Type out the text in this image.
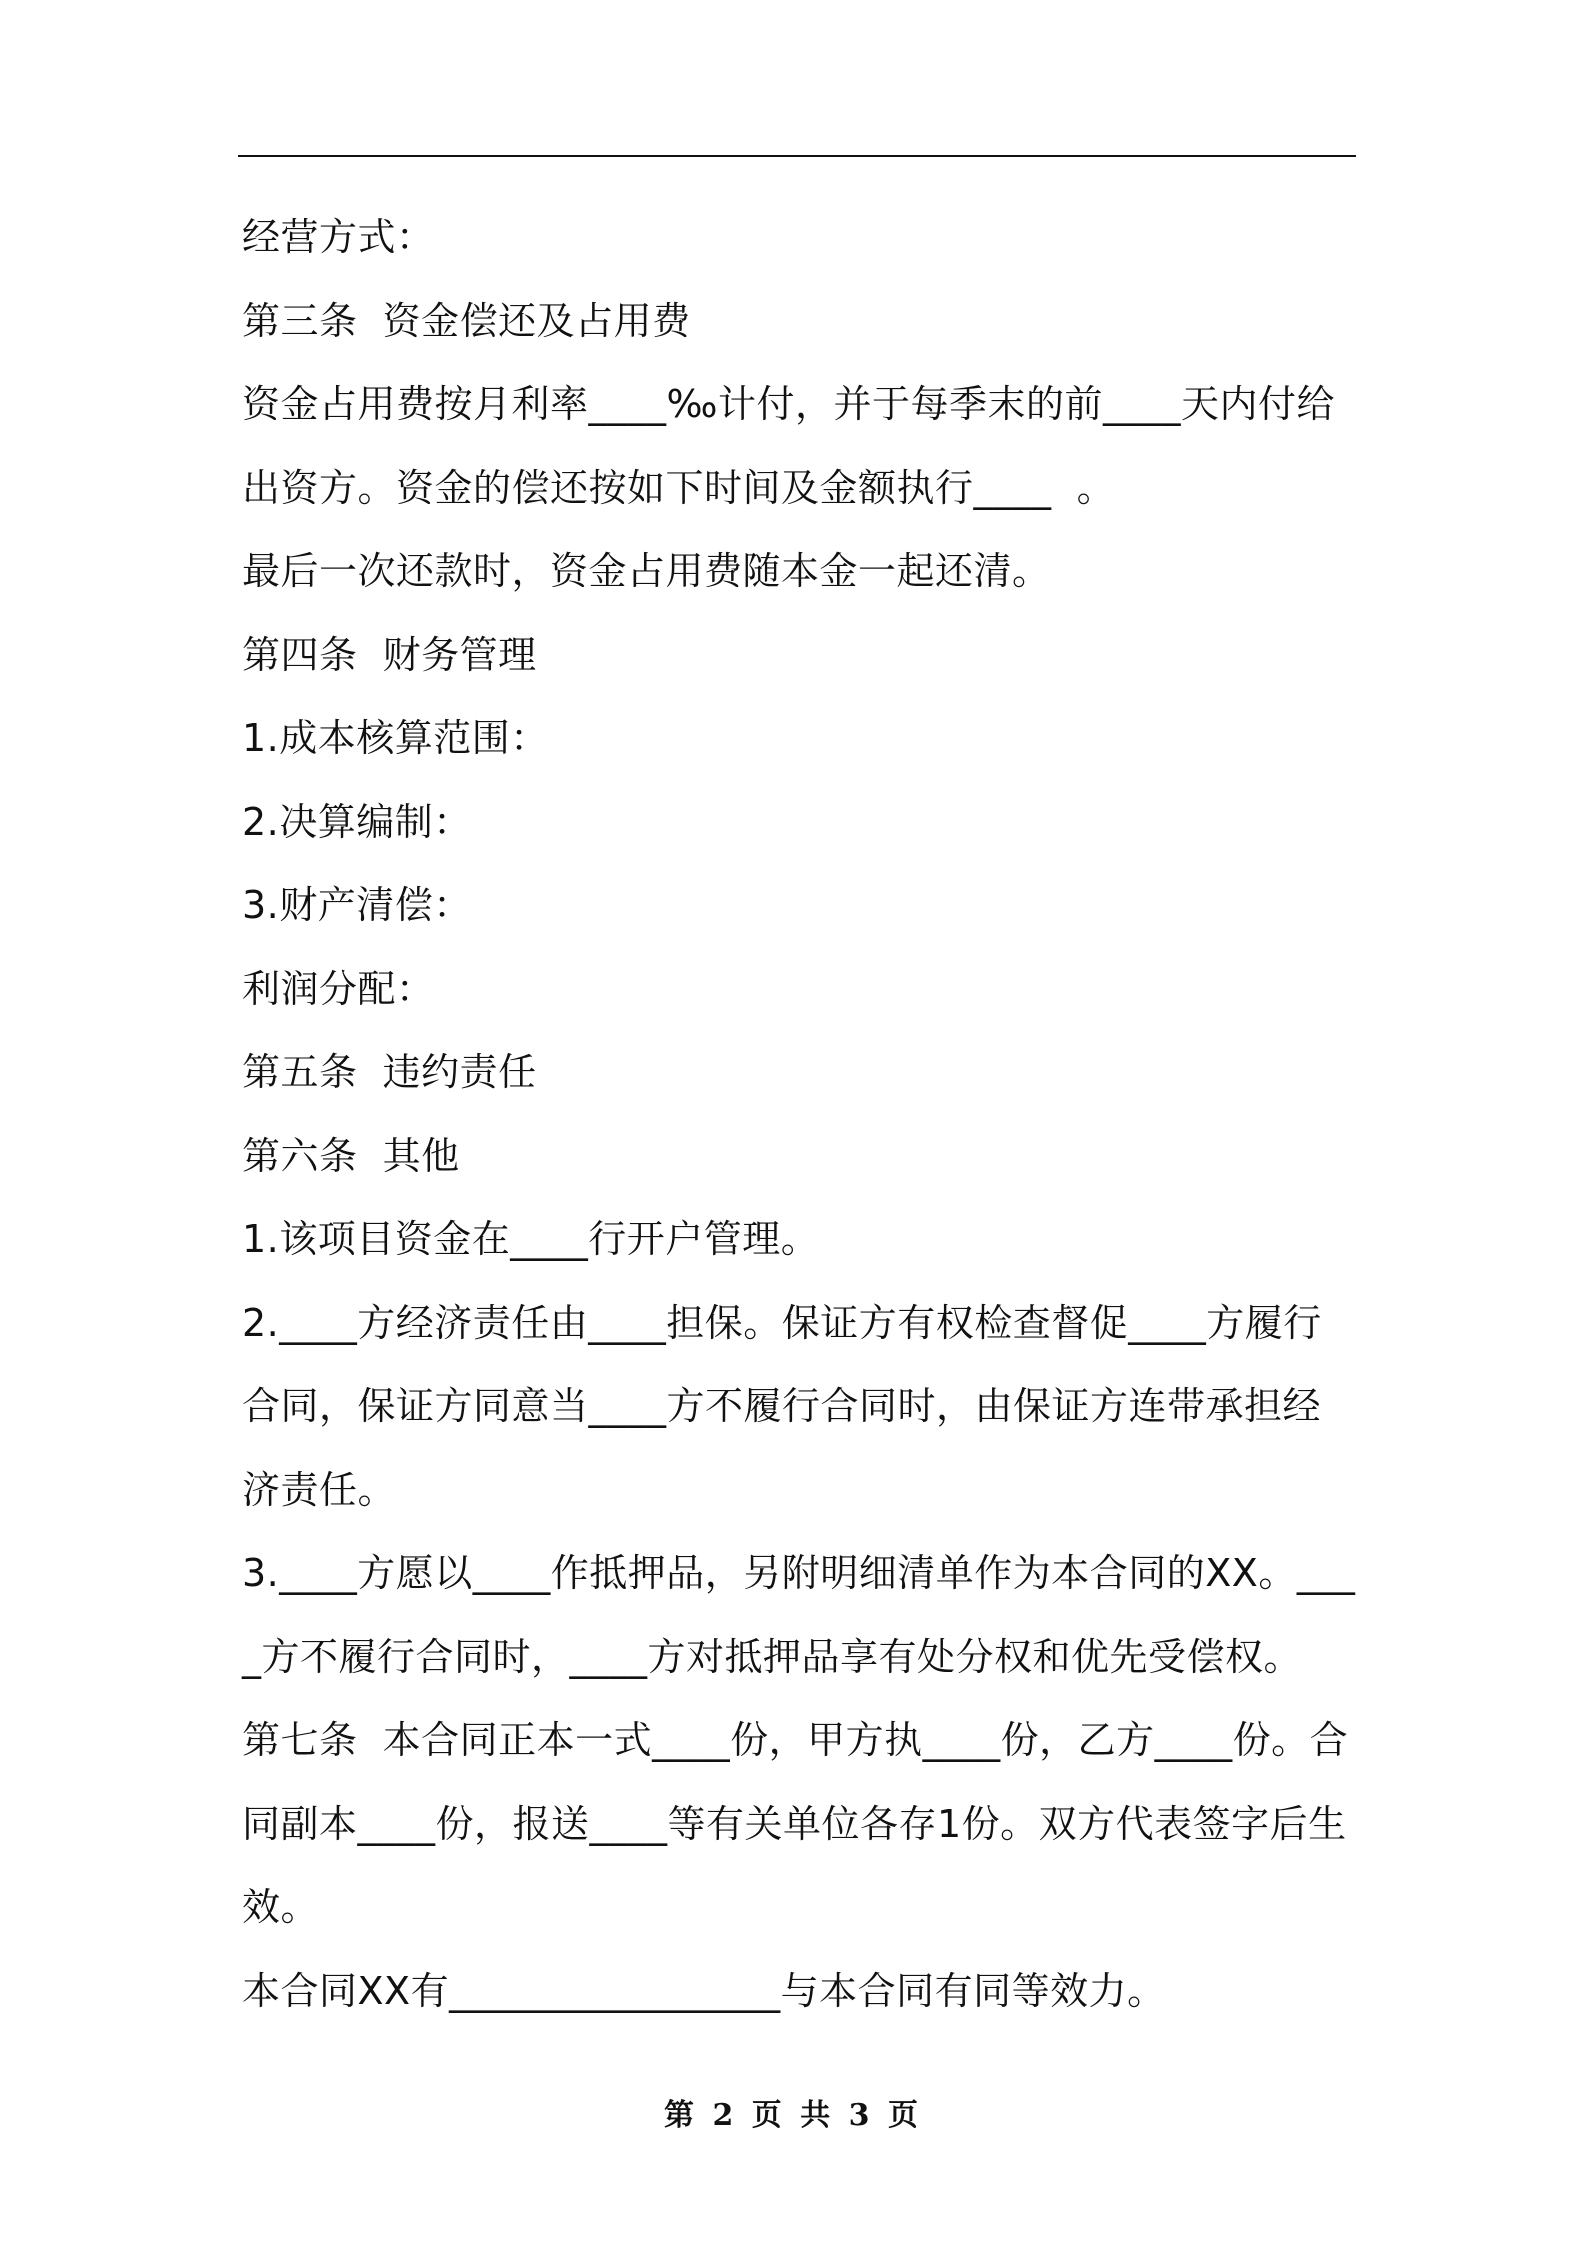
经营方式：

第三条  资金偿还及占用费

资金占用费按月利率____‰计付，并于每季末的前____天内付给出资方。资金的偿还按如下时间及金额执行____  。

最后一次还款时，资金占用费随本金一起还清。

第四条  财务管理

1.成本核算范围：

2.决算编制：

3.财产清偿：

利润分配：

第五条  违约责任

第六条  其他

1.该项目资金在____行开户管理。

2.____方经济责任由____担保。保证方有权检查督促____方履行合同，保证方同意当____方不履行合同时，由保证方连带承担经济责任。

3.____方愿以____作抵押品，另附明细清单作为本合同的XX。____方不履行合同时，____方对抵押品享有处分权和优先受偿权。

第七条  本合同正本一式____份，甲方执____份，乙方____份。合同副本____份，报送____等有关单位各存1份。双方代表签字后生效。

本合同XX有_________________与本合同有同等效力。

第 2 页 共 3 页
